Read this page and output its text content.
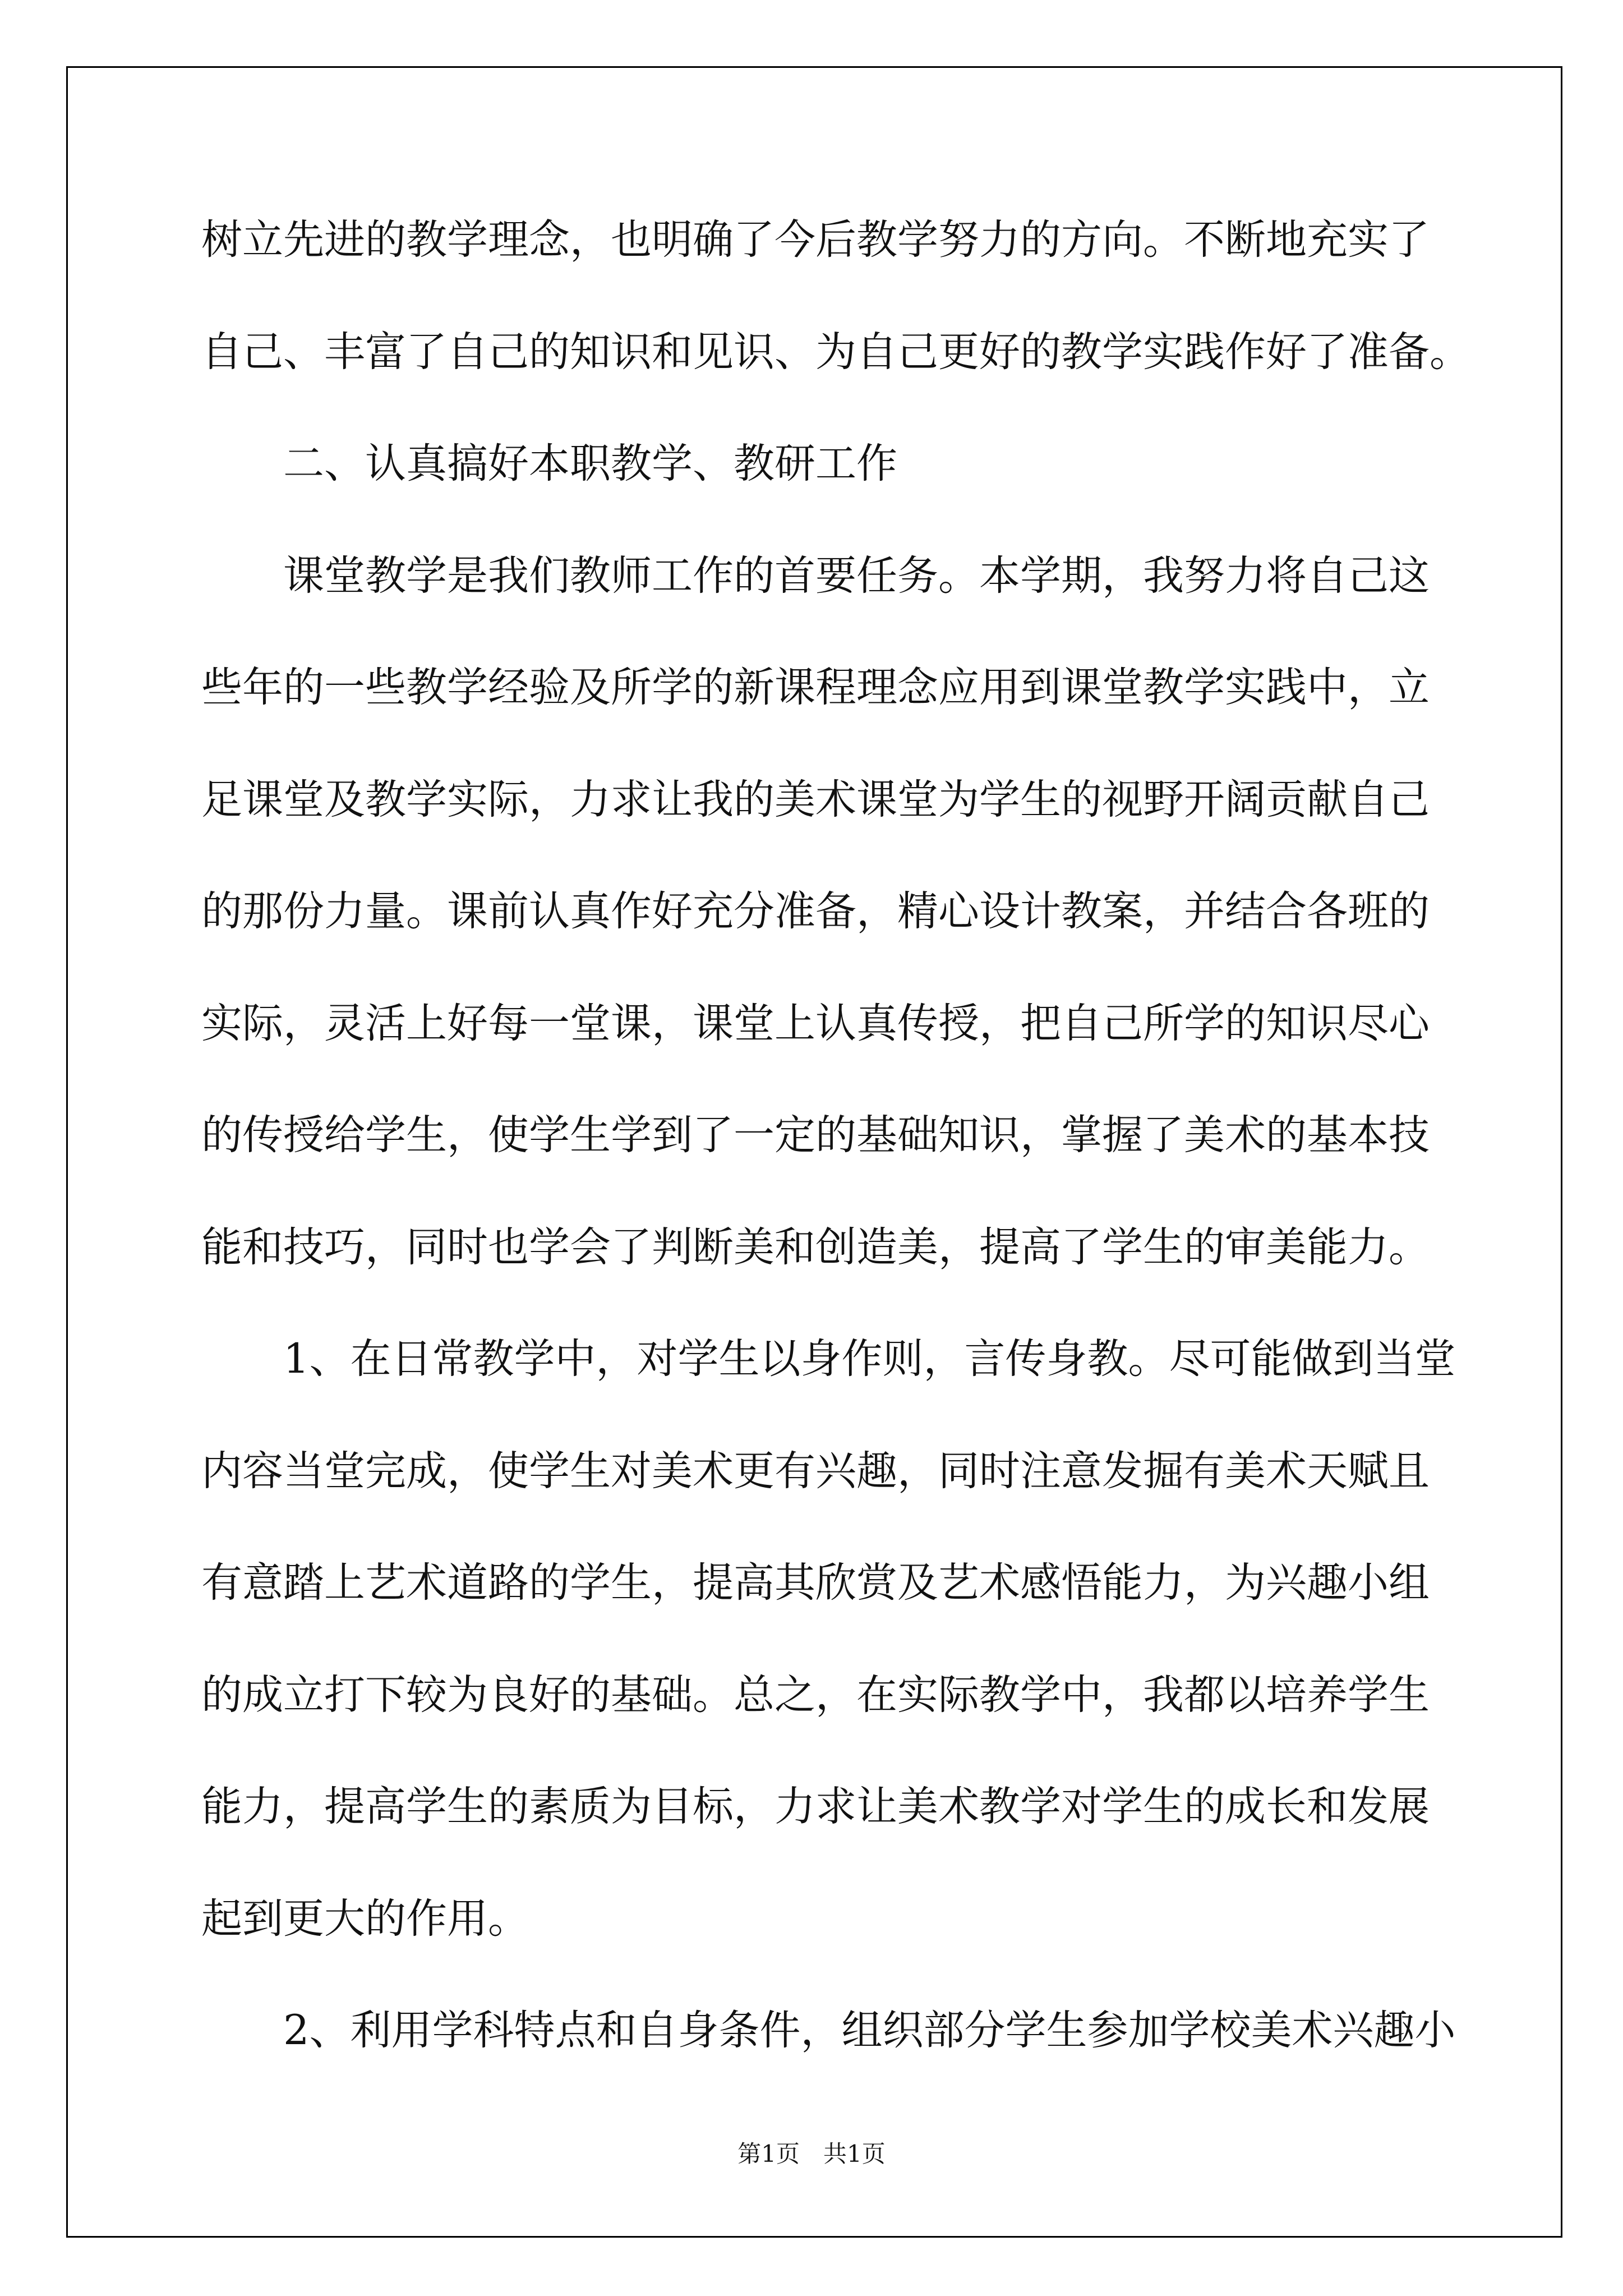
树立先进的教学理念，也明确了今后教学努力的方向。不断地充实了
自己、丰富了自己的知识和见识、为自己更好的教学实践作好了准备。
二、认真搞好本职教学、教研工作
课堂教学是我们教师工作的首要任务。本学期，我努力将自己这
些年的一些教学经验及所学的新课程理念应用到课堂教学实践中，立
足课堂及教学实际，力求让我的美术课堂为学生的视野开阔贡献自己
的那份力量。课前认真作好充分准备，精心设计教案，并结合各班的
实际，灵活上好每一堂课，课堂上认真传授，把自己所学的知识尽心
的传授给学生，使学生学到了一定的基础知识，掌握了美术的基本技
能和技巧，同时也学会了判断美和创造美，提高了学生的审美能力。
1、在日常教学中，对学生以身作则，言传身教。尽可能做到当堂
内容当堂完成，使学生对美术更有兴趣，同时注意发掘有美术天赋且
有意踏上艺术道路的学生，提高其欣赏及艺术感悟能力，为兴趣小组
的成立打下较为良好的基础。总之，在实际教学中，我都以培养学生
能力，提高学生的素质为目标，力求让美术教学对学生的成长和发展
起到更大的作用。
2、利用学科特点和自身条件，组织部分学生参加学校美术兴趣小
第1页　共1页
